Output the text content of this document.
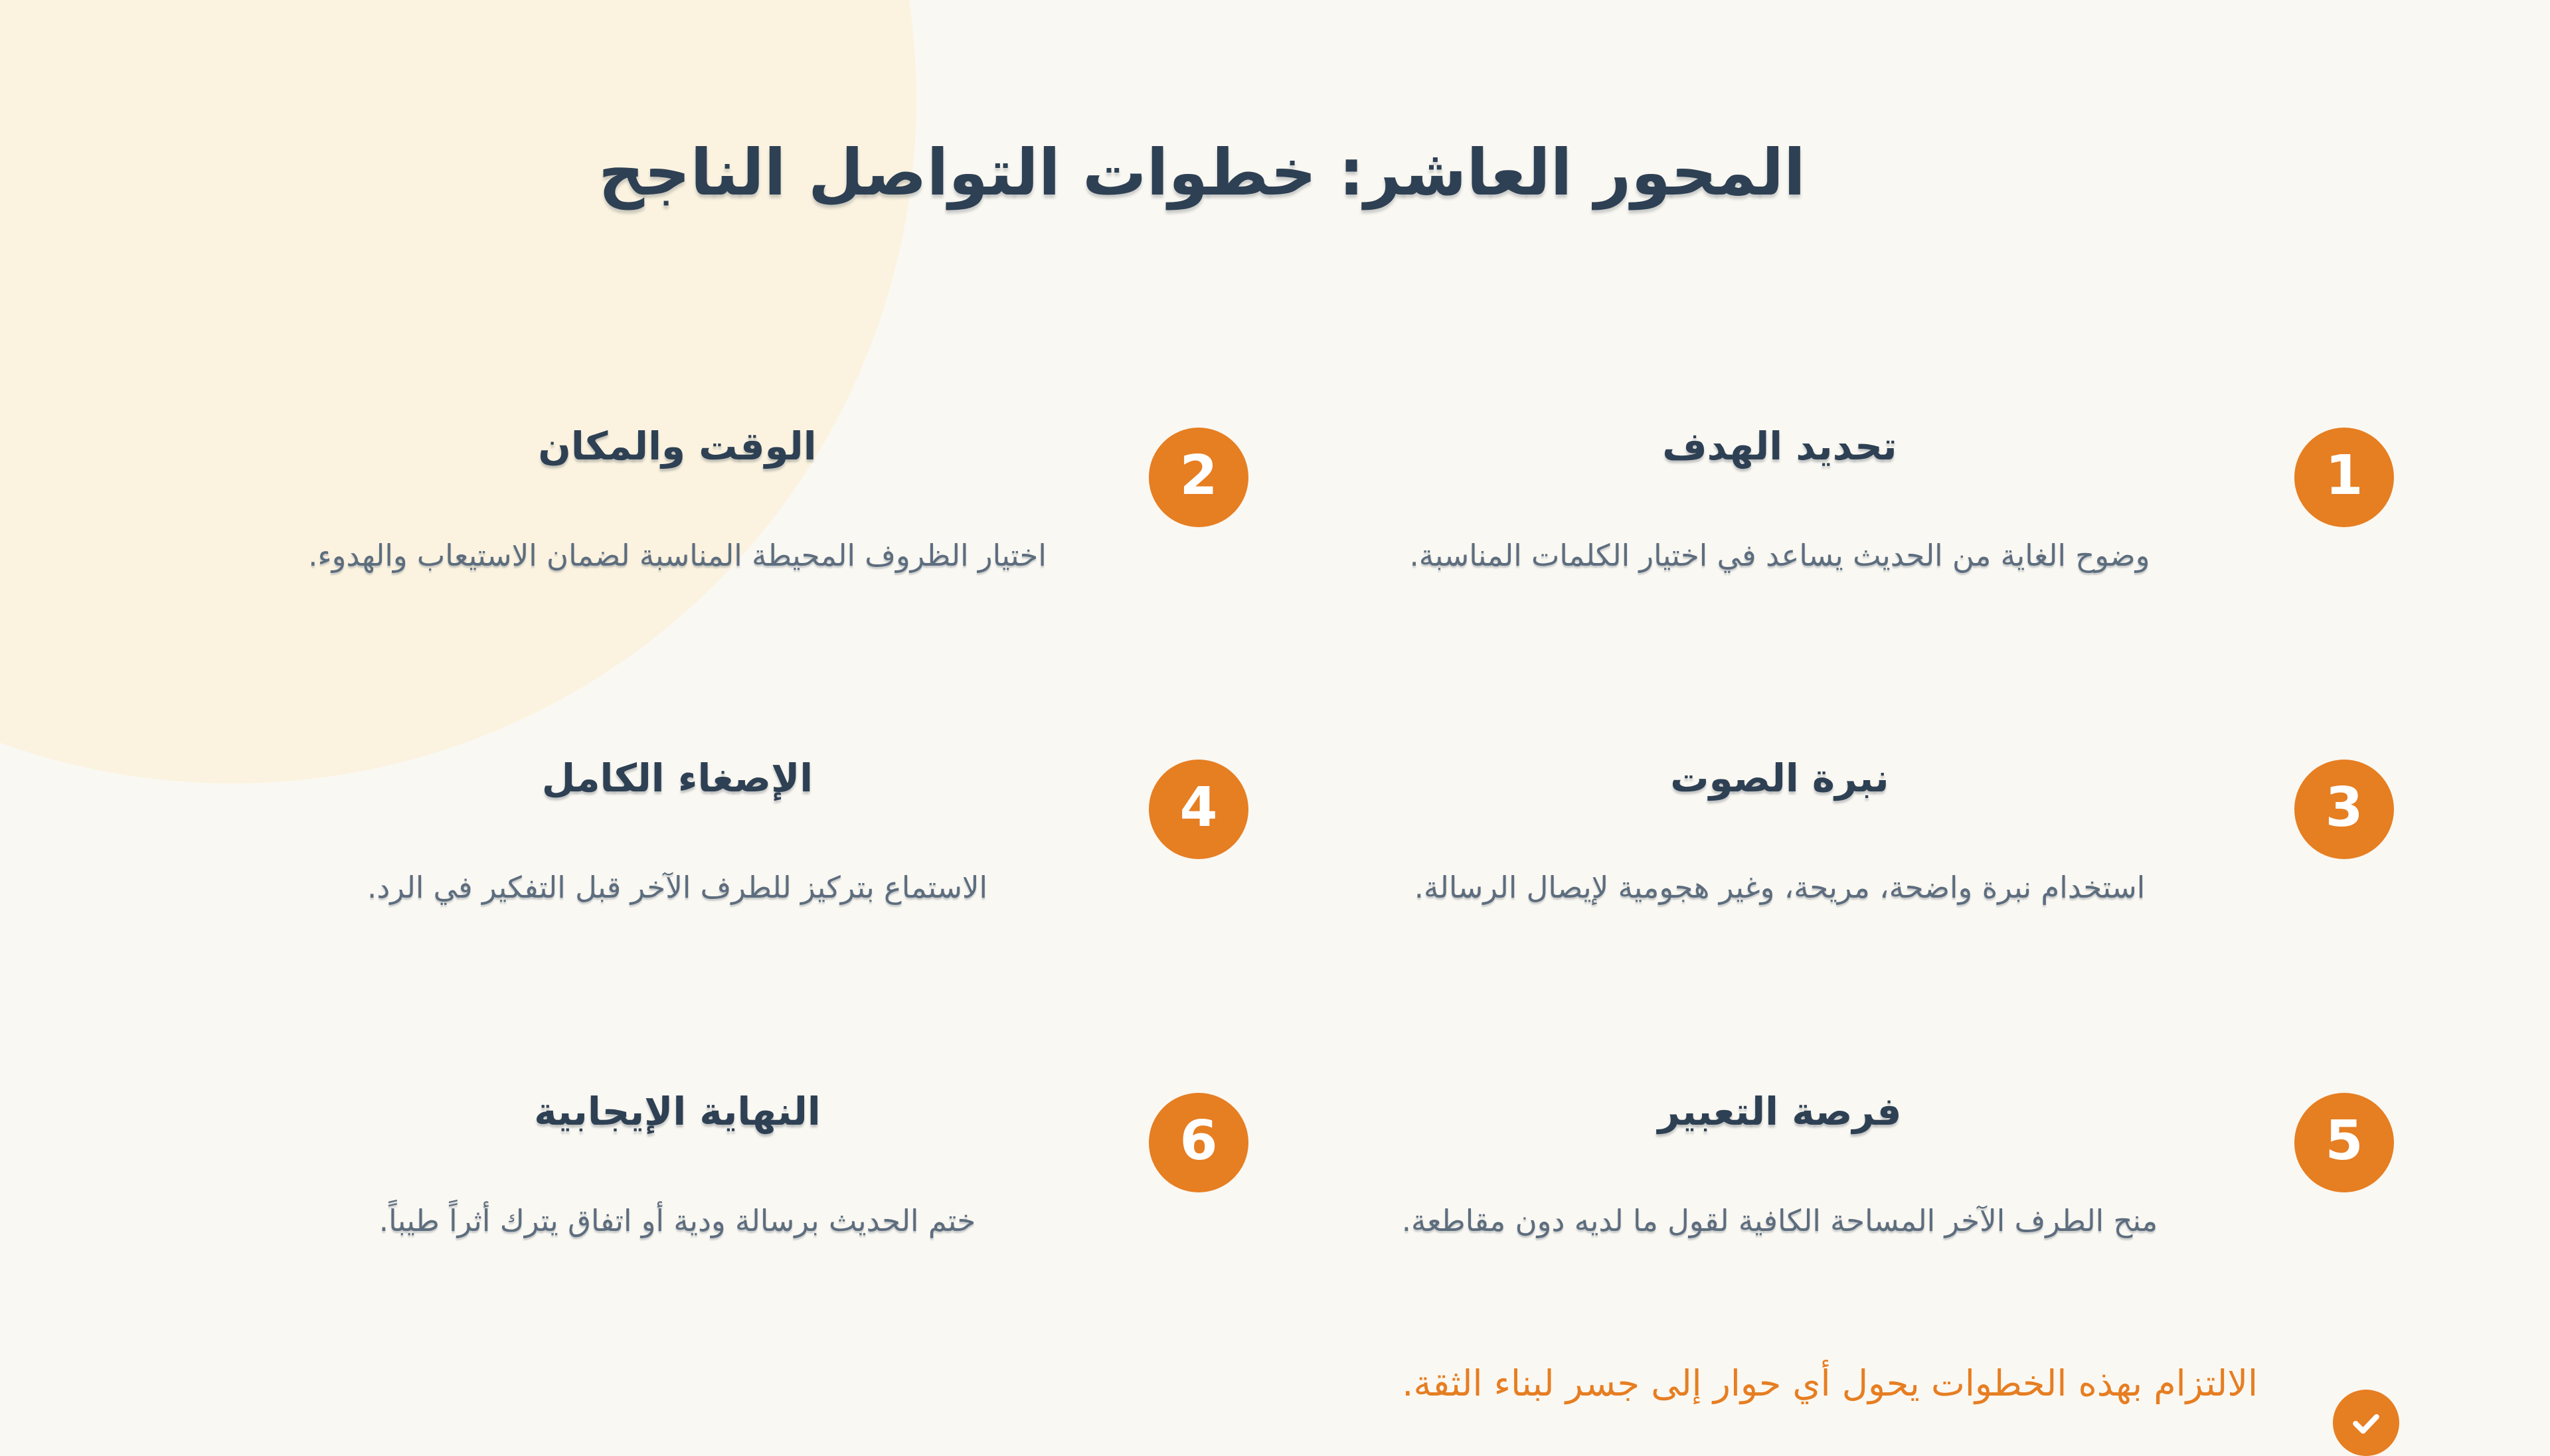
المحور العاشر: خطوات التواصل الناجح
1
تحديد الهدف
وضوح الغاية من الحديث يساعد في اختيار الكلمات المناسبة.
2
الوقت والمكان
اختيار الظروف المحيطة المناسبة لضمان الاستيعاب والهدوء.
3
نبرة الصوت
استخدام نبرة واضحة، مريحة، وغير هجومية لإيصال الرسالة.
4
الإصغاء الكامل
الاستماع بتركيز للطرف الآخر قبل التفكير في الرد.
5
فرصة التعبير
منح الطرف الآخر المساحة الكافية لقول ما لديه دون مقاطعة.
6
النهاية الإيجابية
ختم الحديث برسالة ودية أو اتفاق يترك أثراً طيباً.
الالتزام بهذه الخطوات يحول أي حوار إلى جسر لبناء الثقة.
